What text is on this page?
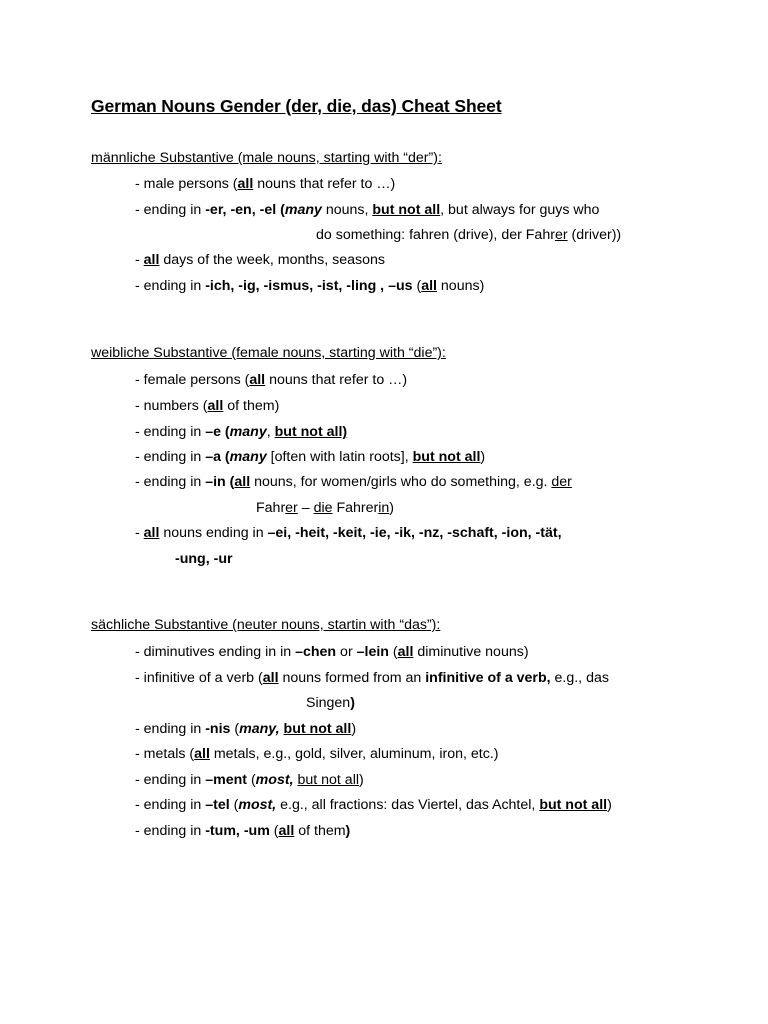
German Nouns Gender (der, die, das) Cheat Sheet
männliche Substantive (male nouns, starting with “der”):

- male persons (all nouns that refer to …)

- ending in -er, -en, -el (many nouns, but not all, but always for guys who

do something: fahren (drive), der Fahrer (driver))

- all days of the week, months, seasons

- ending in -ich, -ig, -ismus, -ist, -ling , –us (all nouns)

weibliche Substantive (female nouns, starting with “die”):

- female persons (all nouns that refer to …)

- numbers (all of them)

- ending in –e (many, but not all)

- ending in –a (many [often with latin roots], but not all)

- ending in –in (all nouns, for women/girls who do something, e.g. der

Fahrer – die Fahrerin)

- all nouns ending in –ei, -heit, -keit, -ie, -ik, -nz, -schaft, -ion, -tät,

-ung, -ur

sächliche Substantive (neuter nouns, startin with “das”):

- diminutives ending in in –chen or –lein (all diminutive nouns)

- infinitive of a verb (all nouns formed from an infinitive of a verb, e.g., das

Singen)

- ending in -nis (many, but not all)

- metals (all metals, e.g., gold, silver, aluminum, iron, etc.)

- ending in –ment (most, but not all)

- ending in –tel (most, e.g., all fractions: das Viertel, das Achtel, but not all)

- ending in -tum, -um (all of them)
